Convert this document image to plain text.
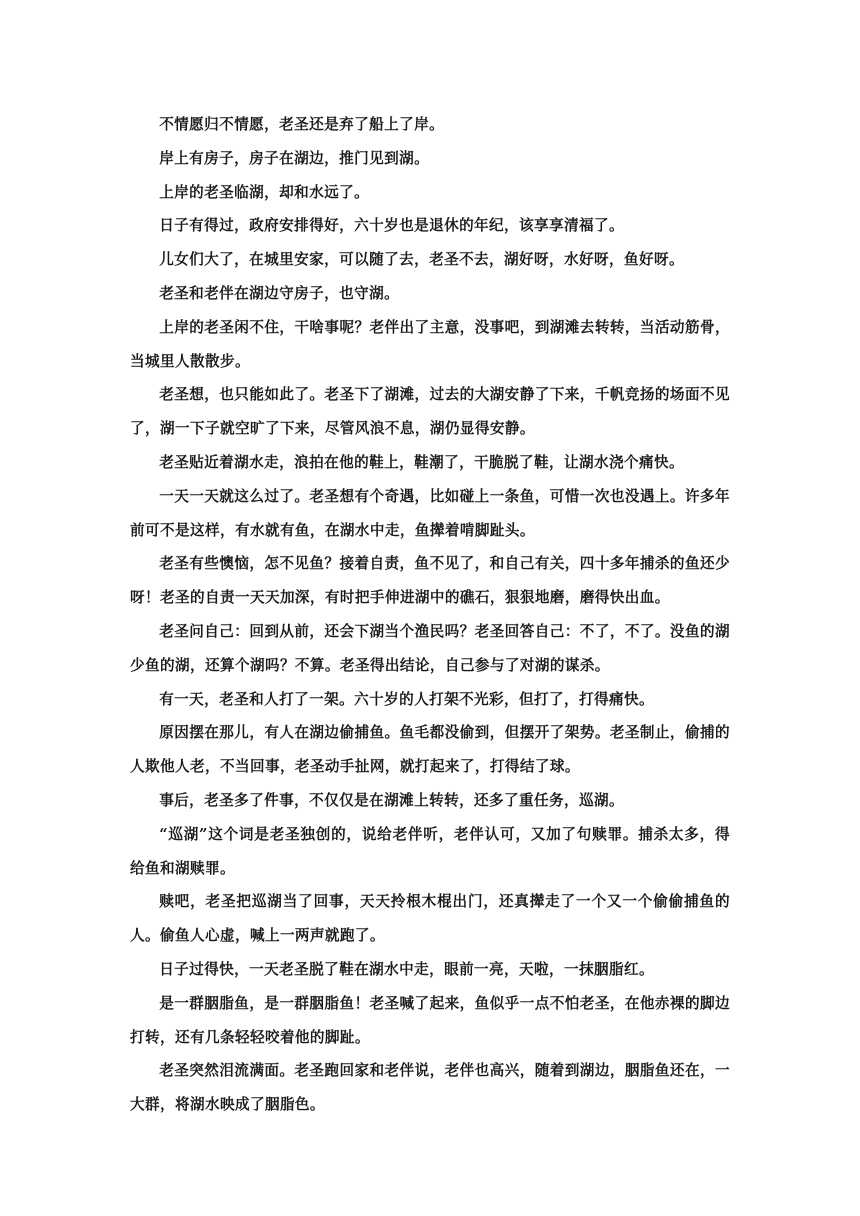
不情愿归不情愿，老圣还是弃了船上了岸。

岸上有房子，房子在湖边，推门见到湖。

上岸的老圣临湖，却和水远了。

日子有得过，政府安排得好，六十岁也是退休的年纪，该享享清福了。

儿女们大了，在城里安家，可以随了去，老圣不去，湖好呀，水好呀，鱼好呀。

老圣和老伴在湖边守房子，也守湖。

上岸的老圣闲不住，干啥事呢？老伴出了主意，没事吧，到湖滩去转转，当活动筋骨，当城里人散散步。

老圣想，也只能如此了。老圣下了湖滩，过去的大湖安静了下来，千帆竞扬的场面不见了，湖一下子就空旷了下来，尽管风浪不息，湖仍显得安静。

老圣贴近着湖水走，浪拍在他的鞋上，鞋潮了，干脆脱了鞋，让湖水浇个痛快。

一天一天就这么过了。老圣想有个奇遇，比如碰上一条鱼，可惜一次也没遇上。许多年前可不是这样，有水就有鱼，在湖水中走，鱼撵着啃脚趾头。

老圣有些懊恼，怎不见鱼？接着自责，鱼不见了，和自己有关，四十多年捕杀的鱼还少呀！老圣的自责一天天加深，有时把手伸进湖中的礁石，狠狠地磨，磨得快出血。

老圣问自己：回到从前，还会下湖当个渔民吗？老圣回答自己：不了，不了。没鱼的湖少鱼的湖，还算个湖吗？不算。老圣得出结论，自己参与了对湖的谋杀。

有一天，老圣和人打了一架。六十岁的人打架不光彩，但打了，打得痛快。

原因摆在那儿，有人在湖边偷捕鱼。鱼毛都没偷到，但摆开了架势。老圣制止，偷捕的人欺他人老，不当回事，老圣动手扯网，就打起来了，打得结了球。

事后，老圣多了件事，不仅仅是在湖滩上转转，还多了重任务，巡湖。

“巡湖”这个词是老圣独创的，说给老伴听，老伴认可，又加了句赎罪。捕杀太多，得给鱼和湖赎罪。

赎吧，老圣把巡湖当了回事，天天拎根木棍出门，还真撵走了一个又一个偷偷捕鱼的人。偷鱼人心虚，喊上一两声就跑了。

日子过得快，一天老圣脱了鞋在湖水中走，眼前一亮，天啦，一抹胭脂红。

是一群胭脂鱼，是一群胭脂鱼！老圣喊了起来，鱼似乎一点不怕老圣，在他赤裸的脚边打转，还有几条轻轻咬着他的脚趾。

老圣突然泪流满面。老圣跑回家和老伴说，老伴也高兴，随着到湖边，胭脂鱼还在，一大群，将湖水映成了胭脂色。
